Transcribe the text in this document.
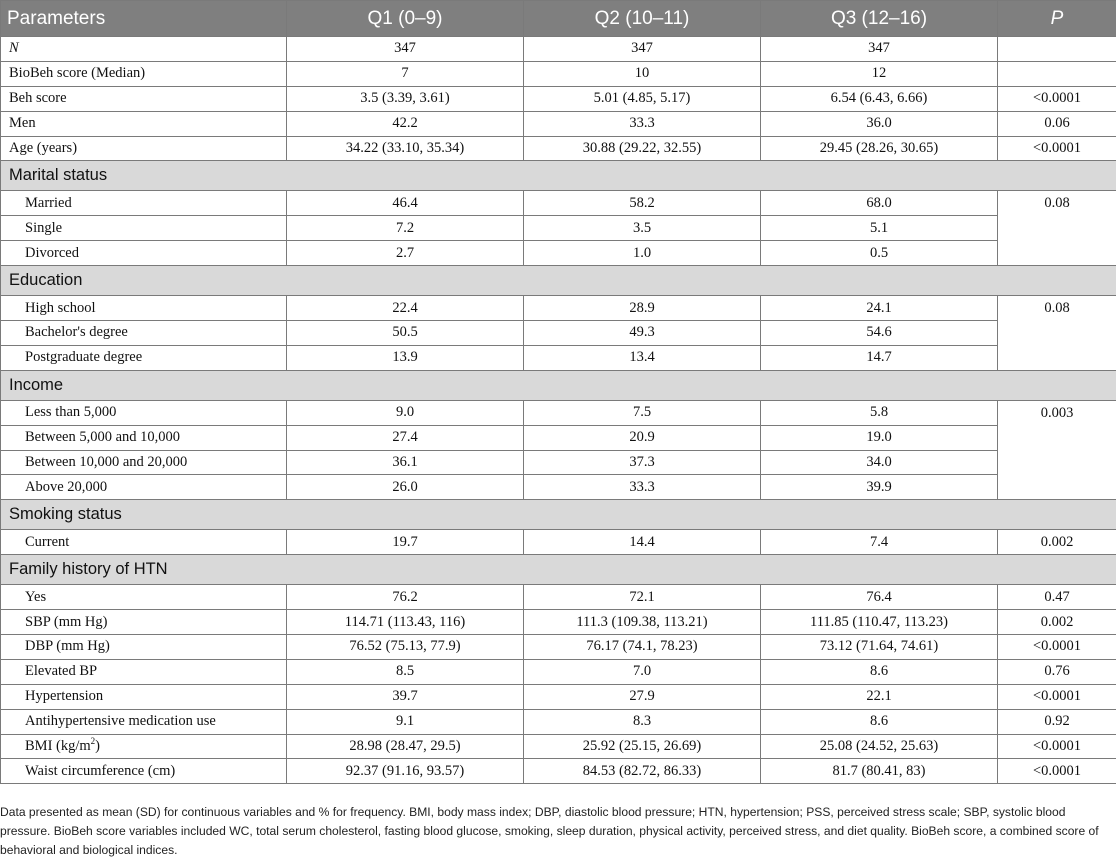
Parameters	Q1 (0–9)	Q2 (10–11)	Q3 (12–16)	P
N	347	347	347	
BioBeh score (Median)	7	10	12	
Beh score	3.5 (3.39, 3.61)	5.01 (4.85, 5.17)	6.54 (6.43, 6.66)	<0.0001
Men	42.2	33.3	36.0	0.06
Age (years)	34.22 (33.10, 35.34)	30.88 (29.22, 32.55)	29.45 (28.26, 30.65)	<0.0001
Marital status				
Married	46.4	58.2	68.0	0.08
Single	7.2	3.5	5.1	
Divorced	2.7	1.0	0.5	
Education				
High school	22.4	28.9	24.1	0.08
Bachelor's degree	50.5	49.3	54.6	
Postgraduate degree	13.9	13.4	14.7	
Income				
Less than 5,000	9.0	7.5	5.8	0.003
Between 5,000 and 10,000	27.4	20.9	19.0	
Between 10,000 and 20,000	36.1	37.3	34.0	
Above 20,000	26.0	33.3	39.9	
Smoking status				
Current	19.7	14.4	7.4	0.002
Family history of HTN				
Yes	76.2	72.1	76.4	0.47
SBP (mm Hg)	114.71 (113.43, 116)	111.3 (109.38, 113.21)	111.85 (110.47, 113.23)	0.002
DBP (mm Hg)	76.52 (75.13, 77.9)	76.17 (74.1, 78.23)	73.12 (71.64, 74.61)	<0.0001
Elevated BP	8.5	7.0	8.6	0.76
Hypertension	39.7	27.9	22.1	<0.0001
Antihypertensive medication use	9.1	8.3	8.6	0.92
BMI $(kg/m^2)$	28.98 (28.47, 29.5)	25.92 (25.15, 26.69)	25.08 (24.52, 25.63)	<0.0001
Waist circumference (cm)	92.37 (91.16, 93.57)	84.53 (82.72, 86.33)	81.7 (80.41, 83)	<0.0001
Data presented as mean (SD) for continuous variables and % for frequency. BMI, body mass index; DBP, diastolic blood pressure; HTN, hypertension; PSS, perceived stress scale; SBP, systolic blood pressure. BioBeh score variables included WC, total serum cholesterol, fasting blood glucose, smoking, sleep duration, physical activity, perceived stress, and diet quality. BioBeh score, a combined score of behavioral and biological indices.
